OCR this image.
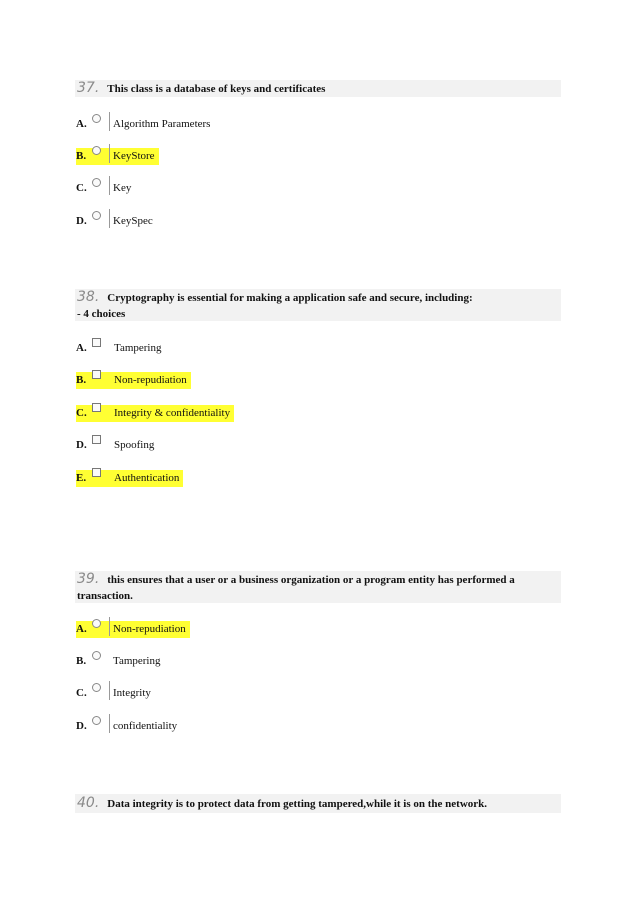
37. This class is a database of keys and certificates
A.	Algorithm Parameters
B.	KeyStore
C.	Key
D.	KeySpec
38. Cryptography is essential for making a application safe and secure, including:
- 4 choices
A.	Tampering
B.	Non-repudiation
C.	Integrity & confidentiality
D.	Spoofing
E.	Authentication
39. this ensures that a user or a business organization or a program entity has performed a
transaction.
A.	Non-repudiation
B.	Tampering
C.	Integrity
D.	confidentiality
40. Data integrity is to protect data from getting tampered,while it is on the network.
